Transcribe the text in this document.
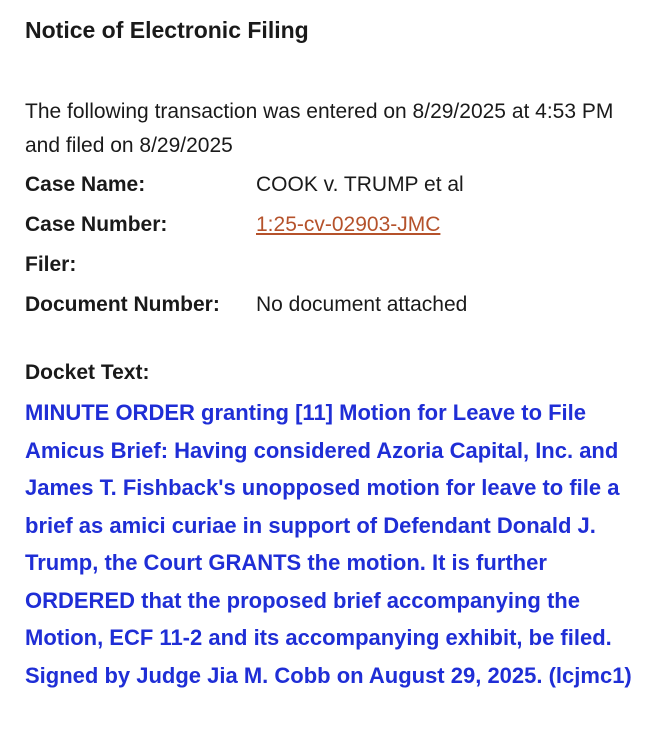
Notice of Electronic Filing
The following transaction was entered on 8/29/2025 at 4:53 PM and filed on 8/29/2025
Case Name:	COOK v. TRUMP et al
Case Number:	1:25-cv-02903-JMC
Filer:
Document Number: No document attached
Docket Text:
MINUTE ORDER granting [11] Motion for Leave to File Amicus Brief: Having considered Azoria Capital, Inc. and James T. Fishback's unopposed motion for leave to file a brief as amici curiae in support of Defendant Donald J. Trump, the Court GRANTS the motion. It is further ORDERED that the proposed brief accompanying the Motion, ECF 11-2 and its accompanying exhibit, be filed. Signed by Judge Jia M. Cobb on August 29, 2025. (lcjmc1)
